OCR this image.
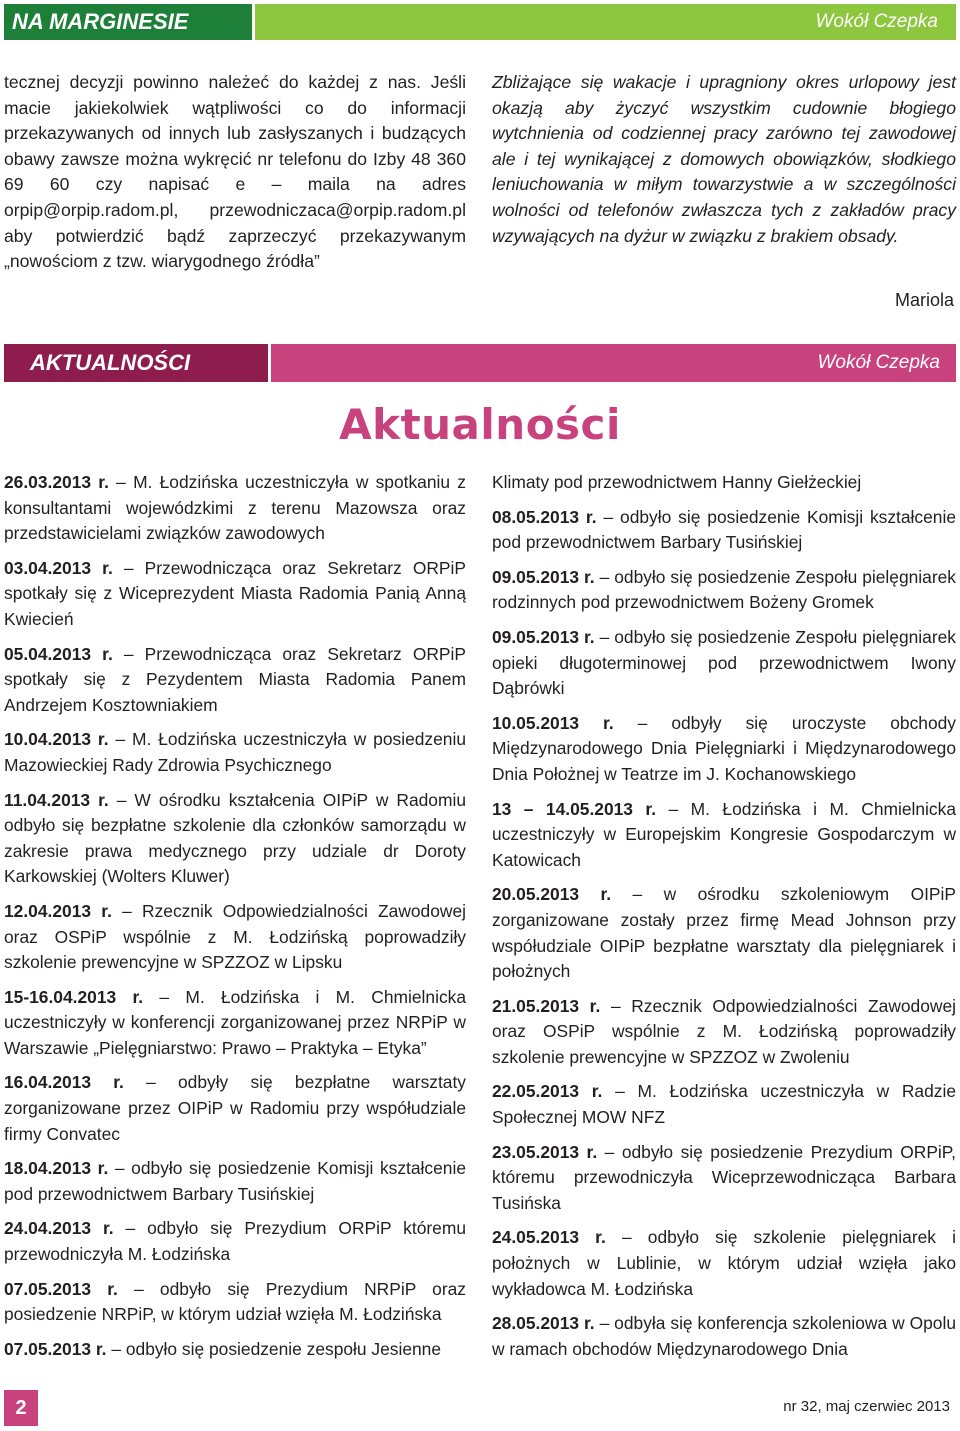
NA MARGINESIE	Wokół Czepka
tecznej decyzji powinno należeć do każdej z nas. Jeśli macie jakiekolwiek wątpliwości co do informacji przekazywanych od innych lub zasłyszanych i budzących obawy zawsze można wykręcić nr telefonu do Izby 48 360 69 60 czy napisać e – maila na adres orpip@orpip.radom.pl, przewodniczaca@orpip.radom.pl aby potwierdzić bądź zaprzeczyć przekazywanym „nowościom z tzw. wiarygodnego źródła”
Zbliżające się wakacje i upragniony okres urlopowy jest okazją aby życzyć wszystkim cudownie błogiego wytchnienia od codziennej pracy zarówno tej zawodowej ale i tej wynikającej z domowych obowiązków, słodkiego leniuchowania w miłym towarzystwie a w szczególności wolności od telefonów zwłaszcza tych z zakładów pracy wzywających na dyżur w związku z brakiem obsady.
Mariola
AKTUALNOŚCI	Wokół Czepka
Aktualności

26.03.2013 r. – M. Łodzińska uczestniczyła w spotkaniu z konsultantami wojewódzkimi z terenu Mazowsza oraz przedstawicielami związków zawodowych

03.04.2013 r. – Przewodnicząca oraz Sekretarz ORPiP spotkały się z Wiceprezydent Miasta Radomia Panią Anną Kwiecień

05.04.2013 r. – Przewodnicząca oraz Sekretarz ORPiP spotkały się z Pezydentem Miasta Radomia Panem Andrzejem Kosztowniakiem

10.04.2013 r. – M. Łodzińska uczestniczyła w posiedzeniu Mazowieckiej Rady Zdrowia Psychicznego

11.04.2013 r. – W ośrodku kształcenia OIPiP w Radomiu odbyło się bezpłatne szkolenie dla członków samorządu w zakresie prawa medycznego przy udziale dr Doroty Karkowskiej (Wolters Kluwer)

12.04.2013 r. – Rzecznik Odpowiedzialności Zawodowej oraz OSPiP wspólnie z M. Łodzińską poprowadziły szkolenie prewencyjne w SPZZOZ w Lipsku

15-16.04.2013 r. – M. Łodzińska i M. Chmielnicka uczestniczyły w konferencji zorganizowanej przez NRPiP w Warszawie „Pielęgniarstwo: Prawo – Praktyka – Etyka”

16.04.2013 r. – odbyły się bezpłatne warsztaty zorganizowane przez OIPiP w Radomiu przy współudziale firmy Convatec

18.04.2013 r. – odbyło się posiedzenie Komisji kształcenie pod przewodnictwem Barbary Tusińskiej

24.04.2013 r. – odbyło się Prezydium ORPiP któremu przewodniczyła M. Łodzińska

07.05.2013 r. – odbyło się Prezydium NRPiP oraz posiedzenie NRPiP, w którym udział wzięła M. Łodzińska

07.05.2013 r. – odbyło się posiedzenie zespołu Jesienne

Klimaty pod przewodnictwem Hanny Giełżeckiej

08.05.2013 r. – odbyło się posiedzenie Komisji kształcenie pod przewodnictwem Barbary Tusińskiej

09.05.2013 r. – odbyło się posiedzenie Zespołu pielęgniarek rodzinnych pod przewodnictwem Bożeny Gromek

09.05.2013 r. – odbyło się posiedzenie Zespołu pielęgniarek opieki długoterminowej pod przewodnictwem Iwony Dąbrówki

10.05.2013 r. – odbyły się uroczyste obchody Międzynarodowego Dnia Pielęgniarki i Międzynarodowego Dnia Położnej w Teatrze im J. Kochanowskiego

13 – 14.05.2013 r. – M. Łodzińska i M. Chmielnicka uczestniczyły w Europejskim Kongresie Gospodarczym w Katowicach

20.05.2013 r. – w ośrodku szkoleniowym OIPiP zorganizowane zostały przez firmę Mead Johnson przy współudziale OIPiP bezpłatne warsztaty dla pielęgniarek i położnych

21.05.2013 r. – Rzecznik Odpowiedzialności Zawodowej oraz OSPiP wspólnie z M. Łodzińską poprowadziły szkolenie prewencyjne w SPZZOZ w Zwoleniu

22.05.2013 r. – M. Łodzińska uczestniczyła w Radzie Społecznej MOW NFZ

23.05.2013 r. – odbyło się posiedzenie Prezydium ORPiP, któremu przewodniczyła Wiceprzewodnicząca Barbara Tusińska

24.05.2013 r. – odbyło się szkolenie pielęgniarek i położnych w Lublinie, w którym udział wzięła jako wykładowca M. Łodzińska

28.05.2013 r. – odbyła się konferencja szkoleniowa w Opolu w ramach obchodów Międzynarodowego Dnia

2	nr 32, maj czerwiec 2013
